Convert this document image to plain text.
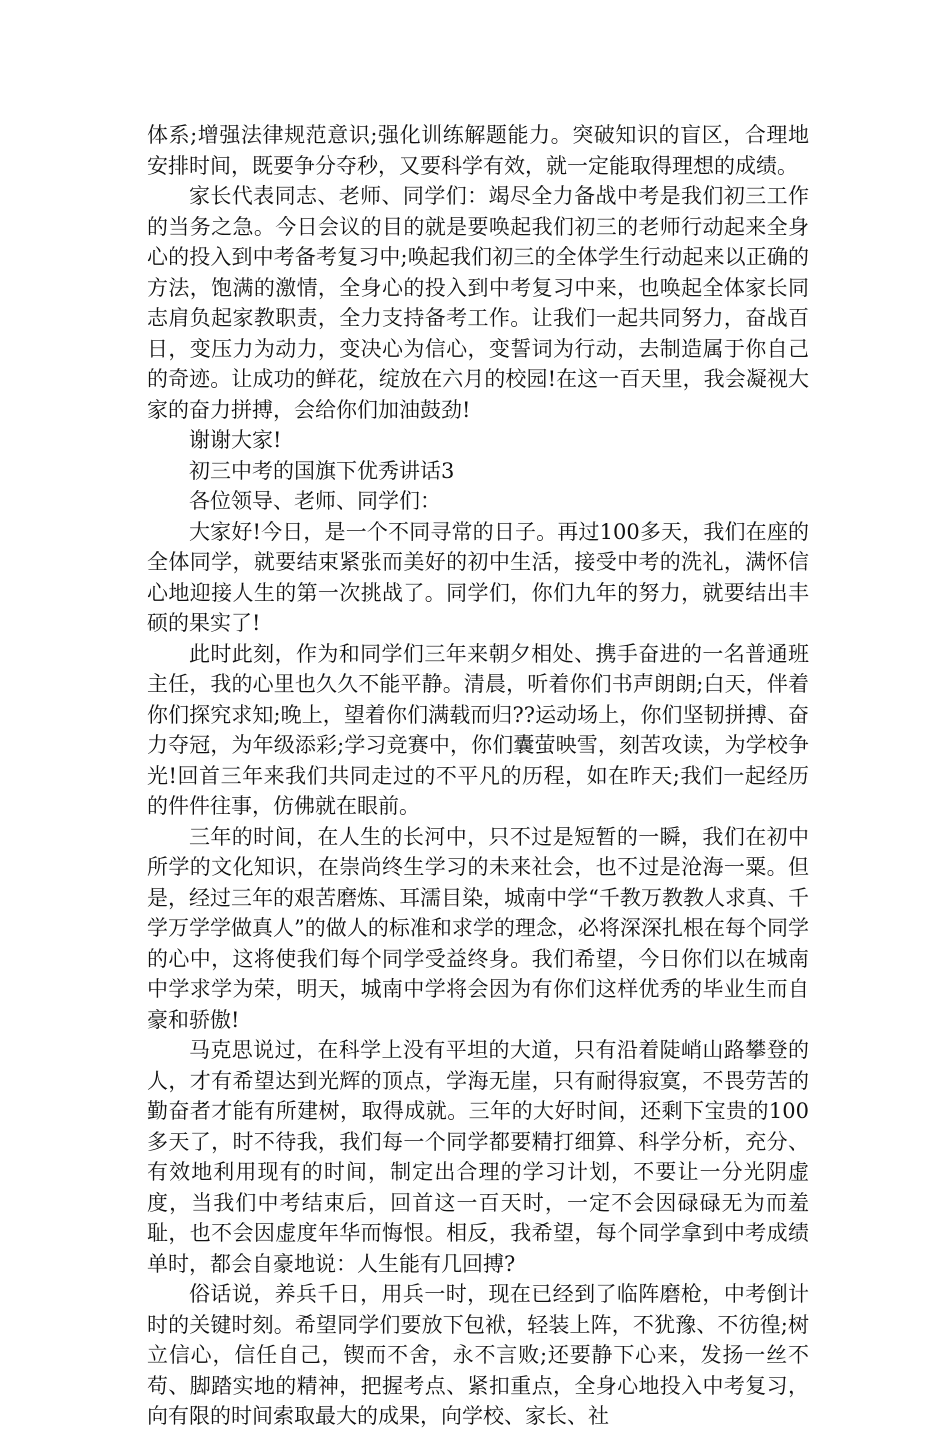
体系;增强法律规范意识;强化训练解题能力。突破知识的盲区，合理地安排时间，既要争分夺秒，又要科学有效，就一定能取得理想的成绩。

家长代表同志、老师、同学们：竭尽全力备战中考是我们初三工作的当务之急。今日会议的目的就是要唤起我们初三的老师行动起来全身心的投入到中考备考复习中;唤起我们初三的全体学生行动起来以正确的方法，饱满的激情，全身心的投入到中考复习中来，也唤起全体家长同志肩负起家教职责，全力支持备考工作。让我们一起共同努力，奋战百日，变压力为动力，变决心为信心，变誓词为行动，去制造属于你自己的奇迹。让成功的鲜花，绽放在六月的校园!在这一百天里，我会凝视大家的奋力拼搏，会给你们加油鼓劲!

谢谢大家!

初三中考的国旗下优秀讲话3

各位领导、老师、同学们：

大家好!今日，是一个不同寻常的日子。再过100多天，我们在座的全体同学，就要结束紧张而美好的初中生活，接受中考的洗礼，满怀信心地迎接人生的第一次挑战了。同学们，你们九年的努力，就要结出丰硕的果实了!

此时此刻，作为和同学们三年来朝夕相处、携手奋进的一名普通班主任，我的心里也久久不能平静。清晨，听着你们书声朗朗;白天，伴着你们探究求知;晚上，望着你们满载而归??运动场上，你们坚韧拼搏、奋力夺冠，为年级添彩;学习竞赛中，你们囊萤映雪，刻苦攻读，为学校争光!回首三年来我们共同走过的不平凡的历程，如在昨天;我们一起经历的件件往事，仿佛就在眼前。

三年的时间，在人生的长河中，只不过是短暂的一瞬，我们在初中所学的文化知识，在崇尚终生学习的未来社会，也不过是沧海一粟。但是，经过三年的艰苦磨炼、耳濡目染，城南中学“千教万教教人求真、千学万学学做真人”的做人的标准和求学的理念，必将深深扎根在每个同学的心中，这将使我们每个同学受益终身。我们希望，今日你们以在城南中学求学为荣，明天，城南中学将会因为有你们这样优秀的毕业生而自豪和骄傲!

马克思说过，在科学上没有平坦的大道，只有沿着陡峭山路攀登的人，才有希望达到光辉的顶点，学海无崖，只有耐得寂寞，不畏劳苦的勤奋者才能有所建树，取得成就。三年的大好时间，还剩下宝贵的100多天了，时不待我，我们每一个同学都要精打细算、科学分析，充分、有效地利用现有的时间，制定出合理的学习计划，不要让一分光阴虚度，当我们中考结束后，回首这一百天时，一定不会因碌碌无为而羞耻，也不会因虚度年华而悔恨。相反，我希望，每个同学拿到中考成绩单时，都会自豪地说：人生能有几回搏?

俗话说，养兵千日，用兵一时，现在已经到了临阵磨枪，中考倒计时的关键时刻。希望同学们要放下包袱，轻装上阵，不犹豫、不彷徨;树立信心，信任自己，锲而不舍，永不言败;还要静下心来，发扬一丝不苟、脚踏实地的精神，把握考点、紧扣重点，全身心地投入中考复习，向有限的时间索取最大的成果，向学校、家长、社
